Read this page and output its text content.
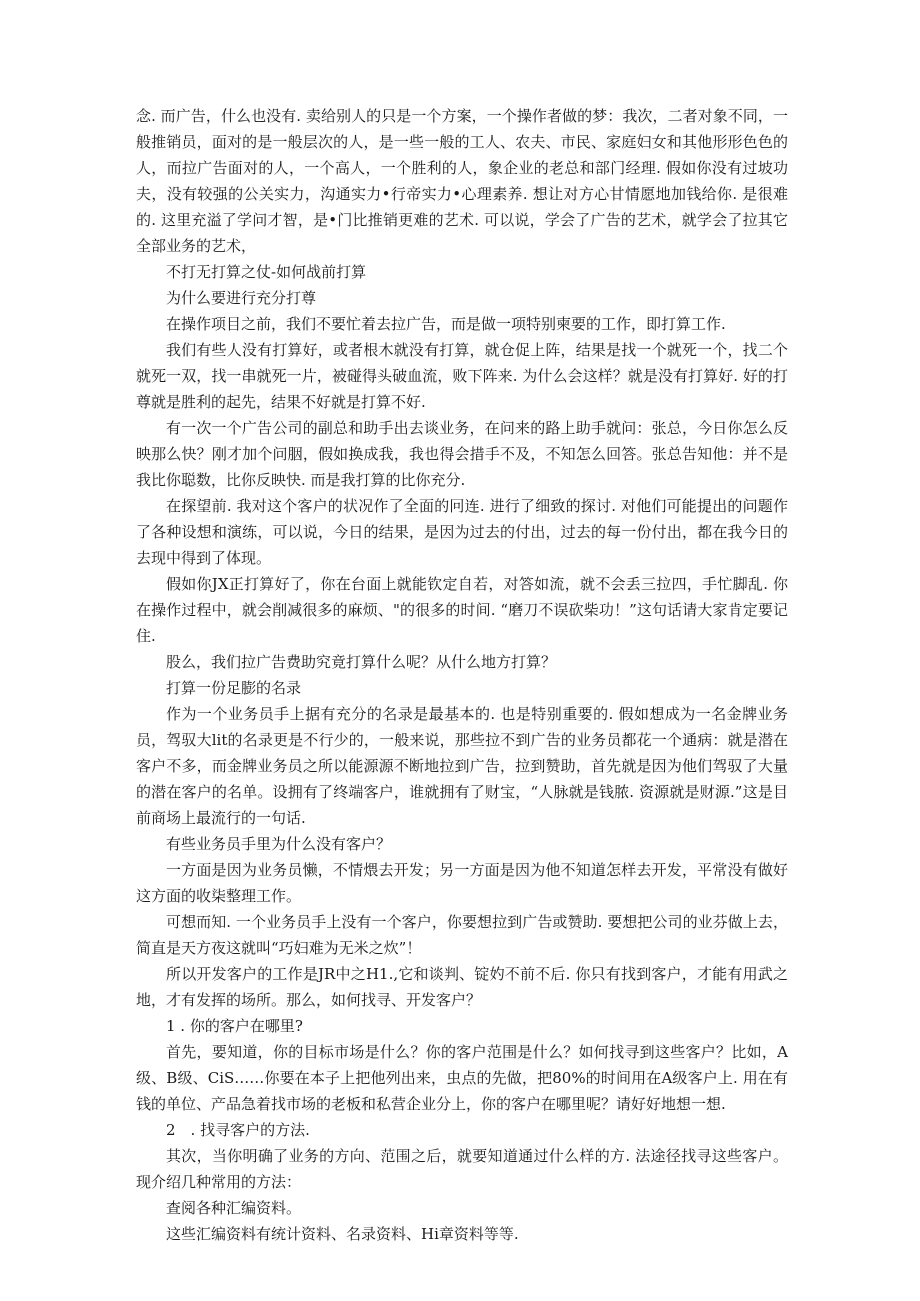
念. 而广告，什么也没有. 卖给别人的只是一个方案，一个操作者做的梦：我次，二者对象不同，一般推销员，面对的是一般层次的人，是一些一般的工人、农夫、市民、家庭妇女和其他形形色色的人，而拉广告面对的人，一个高人，一个胜利的人，象企业的老总和部门经理. 假如你没有过坡功夫，没有较强的公关实力，沟通实力•行帝实力•心理素养. 想让对方心甘情愿地加钱给你. 是很难的. 这里充溢了学问才智，是•门比推销更难的艺术. 可以说，学会了广告的艺术，就学会了拉其它全部业务的艺术，

不打无打算之仗-如何战前打算

为什么要进行充分打尊

在操作项目之前，我们不要忙着去拉广告，而是做一项特别柬要的工作，即打算工作.

我们有些人没有打算好，或者根木就没有打算，就仓促上阵，结果是找一个就死一个，找二个就死一双，找一串就死一片，被碰得头破血流，败下阵来. 为什么会这样？就是没有打算好. 好的打尊就是胜利的起先，结果不好就是打算不好.

有一次一个广告公司的副总和助手出去谈业务，在问来的路上助手就问：张总，今日你怎么反映那么快？刚才加个问胭，假如换成我，我也得会措手不及，不知怎么回答。张总告知他：并不是我比你聪数，比你反映快. 而是我打算的比你充分.

在探望前. 我对这个客户的状况作了全面的冋连. 进行了细致的探讨. 对他们可能提出的问题作了各种设想和演练，可以说，今日的结果，是因为过去的付出，过去的每一份付出，都在我今日的去现中得到了体现。

假如你JX正打算好了，你在台面上就能钦定自若，对答如流，就不会丢三拉四，手忙脚乱. 你在操作过程中，就会削减很多的麻烦、"的很多的时间. “磨刀不误砍柴功！”这句话请大家肯定要记住.

股么，我们拉广告费助究竟打算什么呢？从什么地方打算？

打算一份足膨的名录

作为一个业务员手上据有充分的名录是最基本的. 也是特别重要的. 假如想成为一名金牌业务员，驾驭大lit的名录更是不行少的，一般来说，那些拉不到广告的业务员都花一个通病：就是潜在客户不多，而金牌业务员之所以能源源不断地拉到广告，拉到赞助，首先就是因为他们驾驭了大量的潜在客户的名单。设拥有了终端客户，谁就拥有了财宝，“人脉就是钱脓. 资源就是财源.”这是目前商场上最流行的一句话.

有些业务员手里为什么没有客户？

一方面是因为业务员懒，不情煨去开发；另一方面是因为他不知道怎样去开发，平常没有做好这方面的收柒整理工作。

可想而知. 一个业务员手上没有一个客户，你要想拉到广告或赞助. 要想把公司的业芬做上去，简直是天方夜这就叫“巧妇难为无米之炊”！

所以开发客户的工作是JR中之H1.,它和谈判、锭妁不前不后. 你只有找到客户，才能有用武之地，才有发挥的场所。那么，如何找寻、开发客户？

1 . 你的客户在哪里?

首先，要知道，你的目标市场是什么？你的客户范围是什么？如何找寻到这些客户？比如，A级、B级、CiS……你要在本子上把他列出来，虫点的先做，把80%的时间用在A级客户上. 用在有钱的单位、产品急着找市场的老板和私营企业分上，你的客户在哪里呢？请好好地想一想.

2　. 找寻客户的方法.

其次，当你明确了业务的方向、范围之后，就要知道通过什么样的方. 法途径找寻这些客户。现介绍几种常用的方法：

查阅各种汇编资料。

这些汇编资料有统计资料、名录资料、Hi章资料等等.
